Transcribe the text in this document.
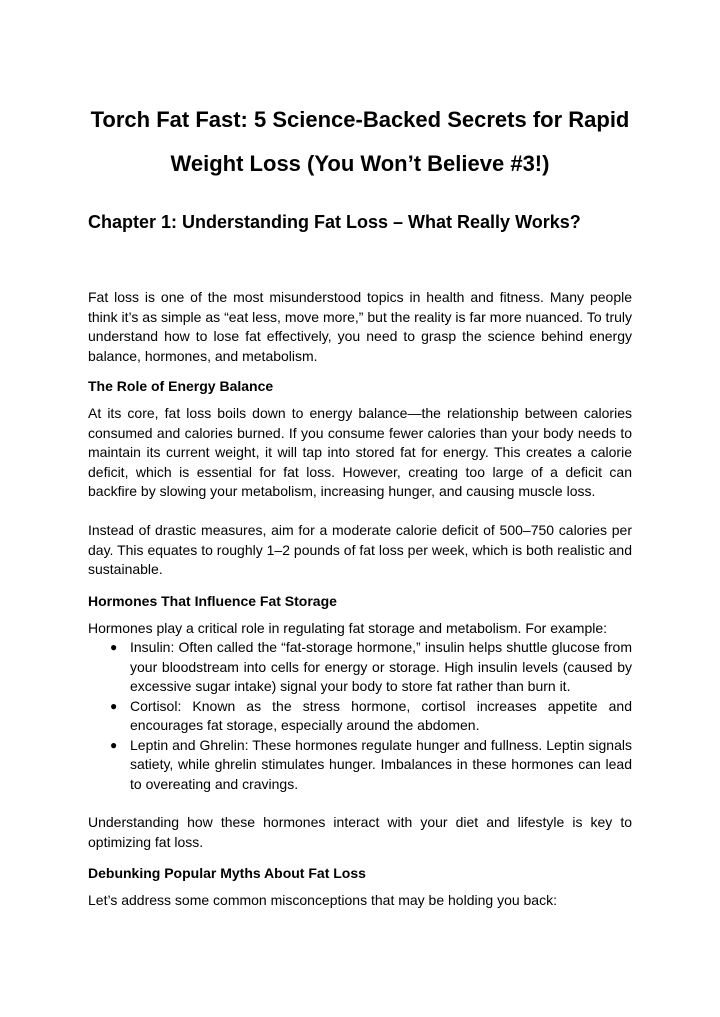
Torch Fat Fast: 5 Science-Backed Secrets for Rapid Weight Loss (You Won’t Believe #3!)
Chapter 1: Understanding Fat Loss – What Really Works?

Fat loss is one of the most misunderstood topics in health and fitness. Many people think it’s as simple as “eat less, move more,” but the reality is far more nuanced. To truly understand how to lose fat effectively, you need to grasp the science behind energy balance, hormones, and metabolism.

The Role of Energy Balance

At its core, fat loss boils down to energy balance—the relationship between calories consumed and calories burned. If you consume fewer calories than your body needs to maintain its current weight, it will tap into stored fat for energy. This creates a calorie deficit, which is essential for fat loss. However, creating too large of a deficit can backfire by slowing your metabolism, increasing hunger, and causing muscle loss.

Instead of drastic measures, aim for a moderate calorie deficit of 500–750 calories per day. This equates to roughly 1–2 pounds of fat loss per week, which is both realistic and sustainable.

Hormones That Influence Fat Storage

Hormones play a critical role in regulating fat storage and metabolism. For example:

● Insulin: Often called the “fat-storage hormone,” insulin helps shuttle glucose from your bloodstream into cells for energy or storage. High insulin levels (caused by excessive sugar intake) signal your body to store fat rather than burn it.
● Cortisol: Known as the stress hormone, cortisol increases appetite and encourages fat storage, especially around the abdomen.
● Leptin and Ghrelin: These hormones regulate hunger and fullness. Leptin signals satiety, while ghrelin stimulates hunger. Imbalances in these hormones can lead to overeating and cravings.

Understanding how these hormones interact with your diet and lifestyle is key to optimizing fat loss.

Debunking Popular Myths About Fat Loss

Let’s address some common misconceptions that may be holding you back:
